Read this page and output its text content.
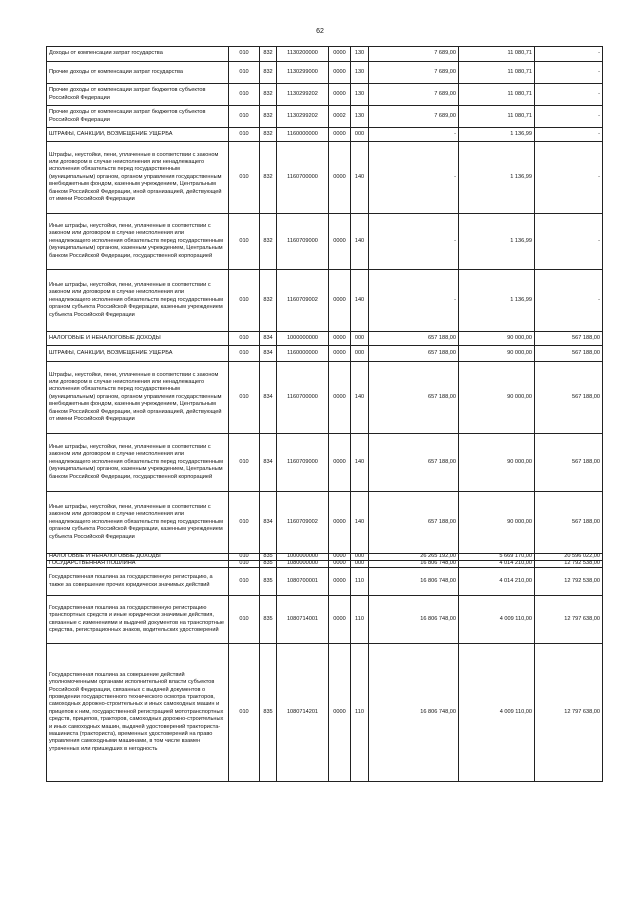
62
Доходы от компенсации затрат государства	010	832	1130200000	0000	130	7 689,00	11 080,71	-
Прочие доходы от компенсации затрат государства	010	832	1130299000	0000	130	7 689,00	11 080,71	-
Прочие доходы от компенсации затрат бюджетов субъектов Российской Федерации	010	832	1130299202	0000	130	7 689,00	11 080,71	-
Прочие доходы от компенсации затрат бюджетов субъектов Российской Федерации	010	832	1130299202	0002	130	7 689,00	11 080,71	-
ШТРАФЫ, САНКЦИИ, ВОЗМЕЩЕНИЕ УЩЕРБА	010	832	1160000000	0000	000	-	1 136,99	-
Штрафы, неустойки, пени, уплаченные в соответствии с законом или договором в случае неисполнения или ненадлежащего исполнения обязательств перед государственным (муниципальным) органом, органом управления государственным внебюджетным фондом, казенным учреждением, Центральным банком Российской Федерации, иной организацией, действующей от имени Российской Федерации	010	832	1160700000	0000	140	-	1 136,99	-
Иные штрафы, неустойки, пени, уплаченные в соответствии с законом или договором в случае неисполнения или ненадлежащего исполнения обязательств перед государственным (муниципальным) органом, казенным учреждением, Центральным банком Российской Федерации, государственной корпорацией	010	832	1160709000	0000	140	-	1 136,99	-
Иные штрафы, неустойки, пени, уплаченные в соответствии с законом или договором в случае неисполнения или ненадлежащего исполнения обязательств перед государственным органом субъекта Российской Федерации, казенным учреждением субъекта Российской Федерации	010	832	1160709002	0000	140	-	1 136,99	-
НАЛОГОВЫЕ И НЕНАЛОГОВЫЕ ДОХОДЫ	010	834	1000000000	0000	000	657 188,00	90 000,00	567 188,00
ШТРАФЫ, САНКЦИИ, ВОЗМЕЩЕНИЕ УЩЕРБА	010	834	1160000000	0000	000	657 188,00	90 000,00	567 188,00
Штрафы, неустойки, пени, уплаченные в соответствии с законом или договором в случае неисполнения или ненадлежащего исполнения обязательств перед государственным (муниципальным) органом, органом управления государственным внебюджетным фондом, казенным учреждением, Центральным банком Российской Федерации, иной организацией, действующей от имени Российской Федерации	010	834	1160700000	0000	140	657 188,00	90 000,00	567 188,00
Иные штрафы, неустойки, пени, уплаченные в соответствии с законом или договором в случае неисполнения или ненадлежащего исполнения обязательств перед государственным (муниципальным) органом, казенным учреждением, Центральным банком Российской Федерации, государственной корпорацией	010	834	1160709000	0000	140	657 188,00	90 000,00	567 188,00
Иные штрафы, неустойки, пени, уплаченные в соответствии с законом или договором в случае неисполнения или ненадлежащего исполнения обязательств перед государственным органом субъекта Российской Федерации, казенным учреждением субъекта Российской Федерации	010	834	1160709002	0000	140	657 188,00	90 000,00	567 188,00
НАЛОГОВЫЕ И НЕНАЛОГОВЫЕ ДОХОДЫ	010	835	1000000000	0000	000	26 265 192,00	5 669 170,00	20 596 022,00
ГОСУДАРСТВЕННАЯ ПОШЛИНА	010	835	1080000000	0000	000	16 806 748,00	4 014 210,00	12 792 538,00
Государственная пошлина за государственную регистрацию, а также за совершение прочих юридически значимых действий	010	835	1080700001	0000	110	16 806 748,00	4 014 210,00	12 792 538,00
Государственная пошлина за государственную регистрацию транспортных средств и иные юридически значимые действия, связанные с изменениями и выдачей документов на транспортные средства, регистрационных знаков, водительских удостоверений	010	835	1080714001	0000	110	16 806 748,00	4 009 110,00	12 797 638,00
Государственная пошлина за совершение действий уполномоченными органами исполнительной власти субъектов Российской Федерации, связанных с выдачей документов о проведении государственного технического осмотра тракторов, самоходных дорожно-строительных и иных самоходных машин и прицепов к ним, государственной регистрацией мототранспортных средств, прицепов, тракторов, самоходных дорожно-строительных и иных самоходных машин, выдачей удостоверений тракториста-машиниста (тракториста), временных удостоверений на право управления самоходными машинами, в том числе взамен утраченных или пришедших в негодность	010	835	1080714201	0000	110	16 806 748,00	4 009 110,00	12 797 638,00
